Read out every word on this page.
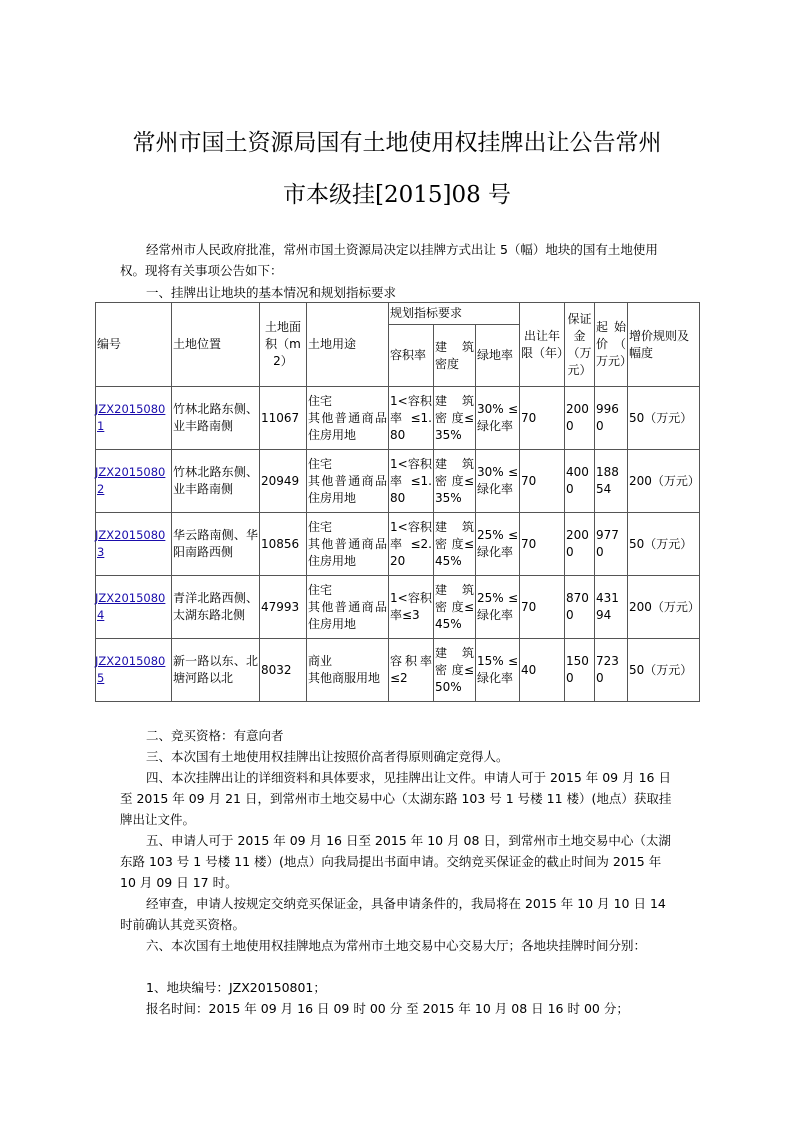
常州市国土资源局国有土地使用权挂牌出让公告常州
市本级挂[2015]08 号

经常州市人民政府批准，常州市国土资源局决定以挂牌方式出让 5（幅）地块的国有土地使用权。现将有关事项公告如下：

一、挂牌出让地块的基本情况和规划指标要求

编号	土地位置	土地面积（m2）	土地用途	规划指标要求			出让年限（年）	保证金（万元）	起 始价（ 万元）	增价规则及幅度
				容积率	建 筑密度	绿地率				
JZX20150801	竹林北路东侧、业丰路南侧	11067	住宅
其他普通商品住房用地	1<容积率 ≤1.80	建 筑密 度≤35%	30% ≤绿化率	70	2000	9960	50（万元）
JZX20150802	竹林北路东侧、业丰路南侧	20949	住宅
其他普通商品住房用地	1<容积率 ≤1.80	建 筑密 度≤35%	30% ≤绿化率	70	4000	18854	200（万元）
JZX20150803	华云路南侧、华阳南路西侧	10856	住宅
其他普通商品住房用地	1<容积率 ≤2.20	建 筑密 度≤45%	25% ≤绿化率	70	2000	9770	50（万元）
JZX20150804	青洋北路西侧、太湖东路北侧	47993	住宅
其他普通商品住房用地	1<容积率≤3	建 筑密 度≤45%	25% ≤绿化率	70	8700	43194	200（万元）
JZX20150805	新一路以东、北塘河路以北	8032	商业
其他商服用地	容积率≤2	建 筑密 度≤50%	15% ≤绿化率	40	1500	7230	50（万元）

二、竞买资格：有意向者

三、本次国有土地使用权挂牌出让按照价高者得原则确定竞得人。

四、本次挂牌出让的详细资料和具体要求，见挂牌出让文件。申请人可于 2015 年 09 月 16 日至 2015 年 09 月 21 日，到常州市土地交易中心（太湖东路 103 号 1 号楼 11 楼）(地点）获取挂牌出让文件。

五、申请人可于 2015 年 09 月 16 日至 2015 年 10 月 08 日，到常州市土地交易中心（太湖东路 103 号 1 号楼 11 楼）(地点）向我局提出书面申请。交纳竞买保证金的截止时间为 2015 年 10 月 09 日 17 时。

经审查，申请人按规定交纳竞买保证金，具备申请条件的，我局将在 2015 年 10 月 10 日 14 时前确认其竞买资格。

六、本次国有土地使用权挂牌地点为常州市土地交易中心交易大厅；各地块挂牌时间分别：

1、地块编号：JZX20150801；

报名时间：2015 年 09 月 16 日 09 时 00 分 至 2015 年 10 月 08 日 16 时 00 分；
